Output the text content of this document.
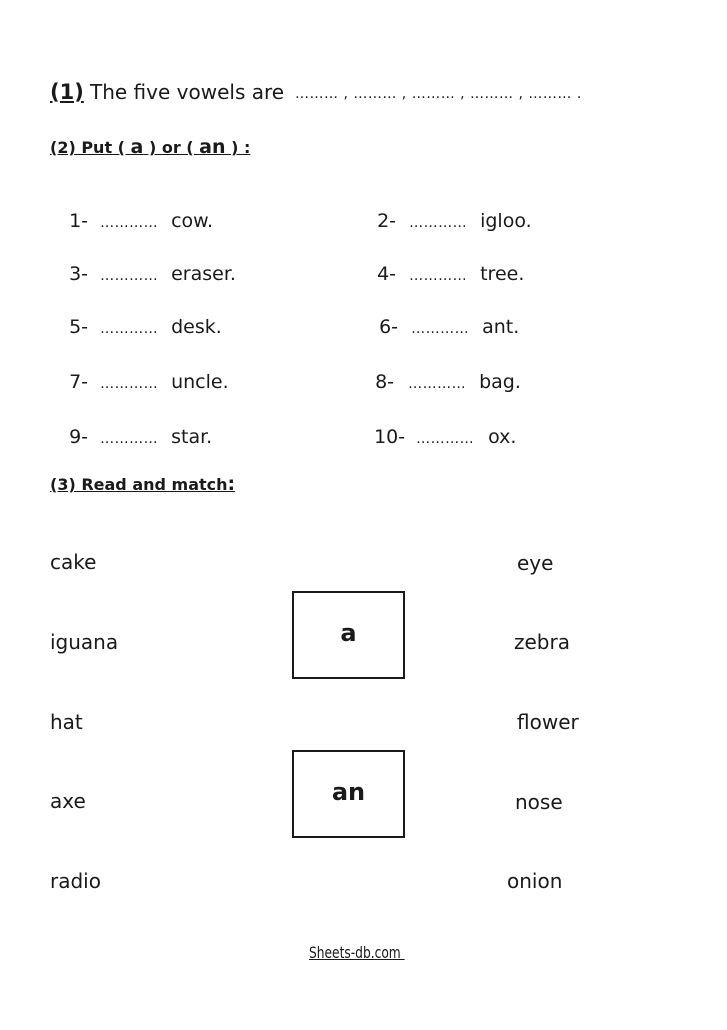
(1) The five vowels are ……… , ……… , ……… , ……… , ……… .
(2) Put ( a ) or ( an ) :

1- ………… cow.	2- ………… igloo.

3- ………… eraser.	4- ………… tree.

5- ………… desk.	6- ………… ant.

7- ………… uncle.	8- ………… bag.

9- ………… star.	10- ………… ox.

(3) Read and match:
cake
iguana
hat
axe
radio
a
an
eye
zebra
flower
nose
onion
Sheets-db.com
